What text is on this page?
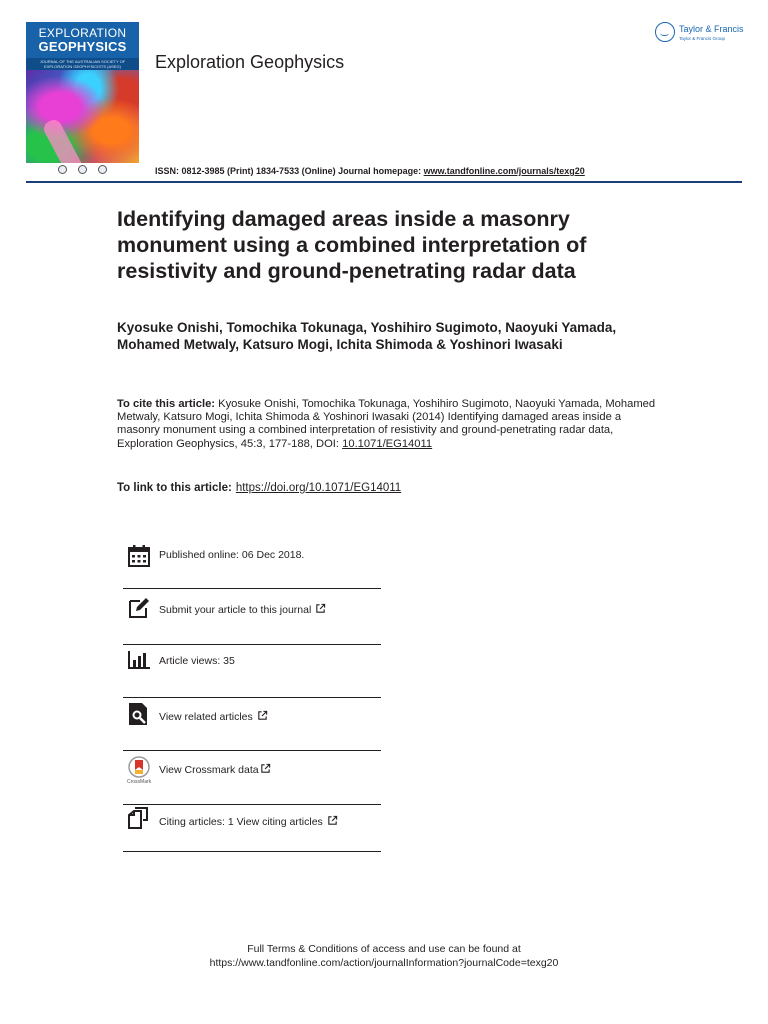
EXPLORATION
GEOPHYSICS
JOURNAL OF THE AUSTRALIAN SOCIETY OF EXPLORATION GEOPHYSICISTS (ASEG)	Exploration Geophysics
Taylor & Francis
Taylor & Francis Group
ISSN: 0812-3985 (Print) 1834-7533 (Online) Journal homepage: www.tandfonline.com/journals/texg20
Identifying damaged areas inside a masonry monument using a combined interpretation of resistivity and ground-penetrating radar data
Kyosuke Onishi, Tomochika Tokunaga, Yoshihiro Sugimoto, Naoyuki Yamada, Mohamed Metwaly, Katsuro Mogi, Ichita Shimoda & Yoshinori Iwasaki
To cite this article: Kyosuke Onishi, Tomochika Tokunaga, Yoshihiro Sugimoto, Naoyuki Yamada, Mohamed Metwaly, Katsuro Mogi, Ichita Shimoda & Yoshinori Iwasaki (2014) Identifying damaged areas inside a masonry monument using a combined interpretation of resistivity and ground-penetrating radar data, Exploration Geophysics, 45:3, 177-188, DOI: 10.1071/EG14011
To link to this article: https://doi.org/10.1071/EG14011
Published online: 06 Dec 2018.
Submit your article to this journal
Article views: 35
View related articles
CrossMark
View Crossmark data
Citing articles: 1 View citing articles
Full Terms & Conditions of access and use can be found at
https://www.tandfonline.com/action/journalInformation?journalCode=texg20
